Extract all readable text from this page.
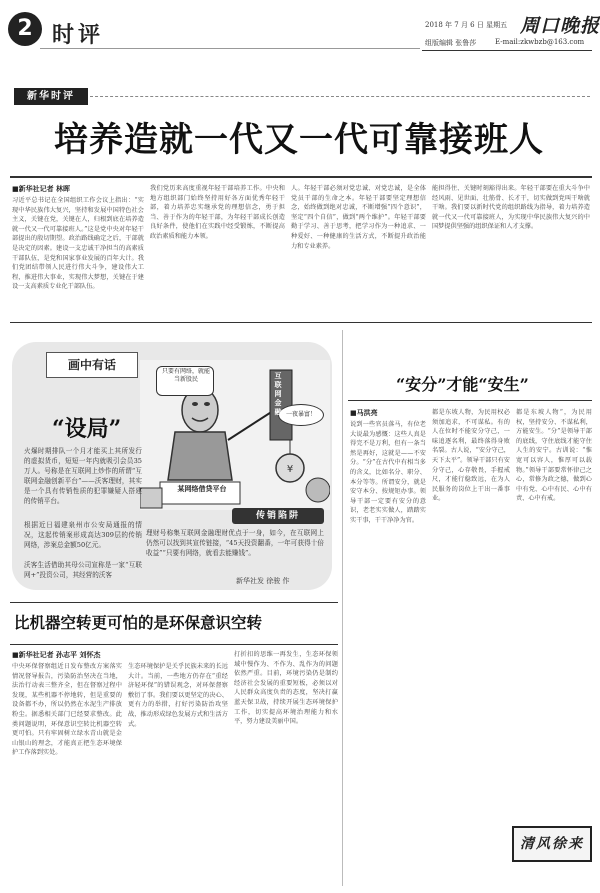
2 时评	2018 年 7 月 6 日 星期五 周口晚报
组版编辑 张鲁莎	E-mail:zkwbzb@163.com
新华时评
培养造就一代又一代可靠接班人
■新华社记者 林晖
习近平总书记在全国组织工作会议上指出：“实现中华民族伟大复兴，坚持和发展中国特色社会主义，关键在党，关键在人，归根到底在培养造就一代又一代可靠接班人。”这是党中央对年轻干部提出的殷切期望。政治路线确定之后，干部就是决定的因素。建设一支忠诚干净担当的高素质干部队伍，是党和国家事业发展的百年大计。我们党团结带领人民进行伟大斗争，建设伟大工程，推进伟大事业，实现伟大梦想，关键在于建设一支高素质专业化干部队伍。
我们党历来高度重视年轻干部培养工作。中央和地方组织部门始终坚持用好各方面优秀年轻干部，着力培养忠实继承党的理想信念，勇于担当、善于作为的年轻干部，为年轻干部成长创造良好条件，使他们在实践中经受锻炼，不断提高政治素质和能力本领。
人。年轻干部必须对党忠诚、对党忠诚，是全体党员干部的生命之本。年轻干部要坚定理想信念，始终做到绝对忠诚，不断增强“四个意识”，坚定“四个自信”，做到“两个维护”。年轻干部要勤于学习、善于思考，把学习作为一种追求、一种爱好、一种健康的生活方式，不断提升政治能力和专业素养。
能担得住、关键时刻豁得出来。年轻干部要在重大斗争中经风雨、见世面、壮筋骨、长才干，切实做到党叫干啥就干啥。我们要以新时代党的组织路线为指导，着力培养造就一代又一代可靠接班人，为实现中华民族伟大复兴的中国梦提供坚强的组织保证和人才支撑。
画中有话
“设局”
¥
只要有网络，就能当新股民
一夜暴富！
互联网金融
某网络借贷平台
传销陷阱
火爆时期排队一个月才能买上其所发行的虚拟货币，短短一年内就吸引会员35万人。号称是在互联网上炒作的所谓“互联网金融创新平台”——沃客理财，其实是一个具有传销性质的犯罪嫌疑人搭建的传销平台。
根据近日福建泉州市公安局通报的情况，这起传销案形成高达309层的传销网络，涉案总金额50亿元。
沃客生活借助其母公司宣称是一家“互联网+”投资公司，其经营的沃客
理财号称集互联网金融理财优点于一身，如今，在互联网上仍然可以找到其宣传链接，“45天投资翻番，一年可获得十倍收益”“只要有网络，就看去能赚钱”。
新华社发 徐骏 作
比机器空转更可怕的是环保意识空转
■新华社记者 孙志平 刘怀杰
中央环保督察组近日发布整改方案落实情况督导报告，污染防治坚决在当地，法治行动表三整齐全，但在督察过程中发现，某些机器不停地转，但是重要的设备都不办，所以仍然在水泥生产排放粉尘。据悉相关部门已经要求整改。此类问题说明，环保意识空转比机器空转更可怕。只有牢固树立绿水青山就是金山银山的理念，才能真正把生态环境保护工作落到实处。
生态环境保护是关乎民族未来的长远大计。当前，一些地方仍存在“重经济轻环保”的错误观念，对环保督察敷衍了事。我们要以更坚定的决心、更有力的举措，打好污染防治攻坚战，推动形成绿色发展方式和生活方式。
打折扣的思维一再发生，生态环保领域中慢作为、不作为、乱作为的问题依然严重。目前，环境污染仍是制约经济社会发展的重要短板，必须以对人民群众高度负责的态度，坚决打赢蓝天保卫战，持续开展生态环境保护工作，切实提高环境治理能力和水平，努力建设美丽中国。
“安分”才能“安生”
■马洪亮
说到一些官员落马，有位老大说最为感慨：这些人真是得完不是万利，但有一条当然是再好，这就是——不安分。“分”在古代中有相当多的含义，比如名分、职分、本分等等。所谓安分，就是安守本分、按规矩办事。领导干部一定要有安分的意识，老老实实做人，踏踏实实干事，干干净净为官。
都是东坡人物，为民用权必须加追求，不可谋私。有的人在位时不能安分守己，一味追逐名利，最终落得身败名裂。古人说，“安分守己，天下太平”。领导干部只有安分守己，心存敬畏，手握戒尺，才能行稳致远，在为人民服务的岗位上干出一番事业。
都是东坡人物“，为民用权，坚持安分、不谋私利，方能安生。“分”是领导干部的底线，守住底线才能守住人生的安宁。古训说：“惟宽可以容人，惟厚可以载物。”领导干部要常怀律己之心，常修为政之德，做到心中有党、心中有民、心中有责、心中有戒。
清风徐来
